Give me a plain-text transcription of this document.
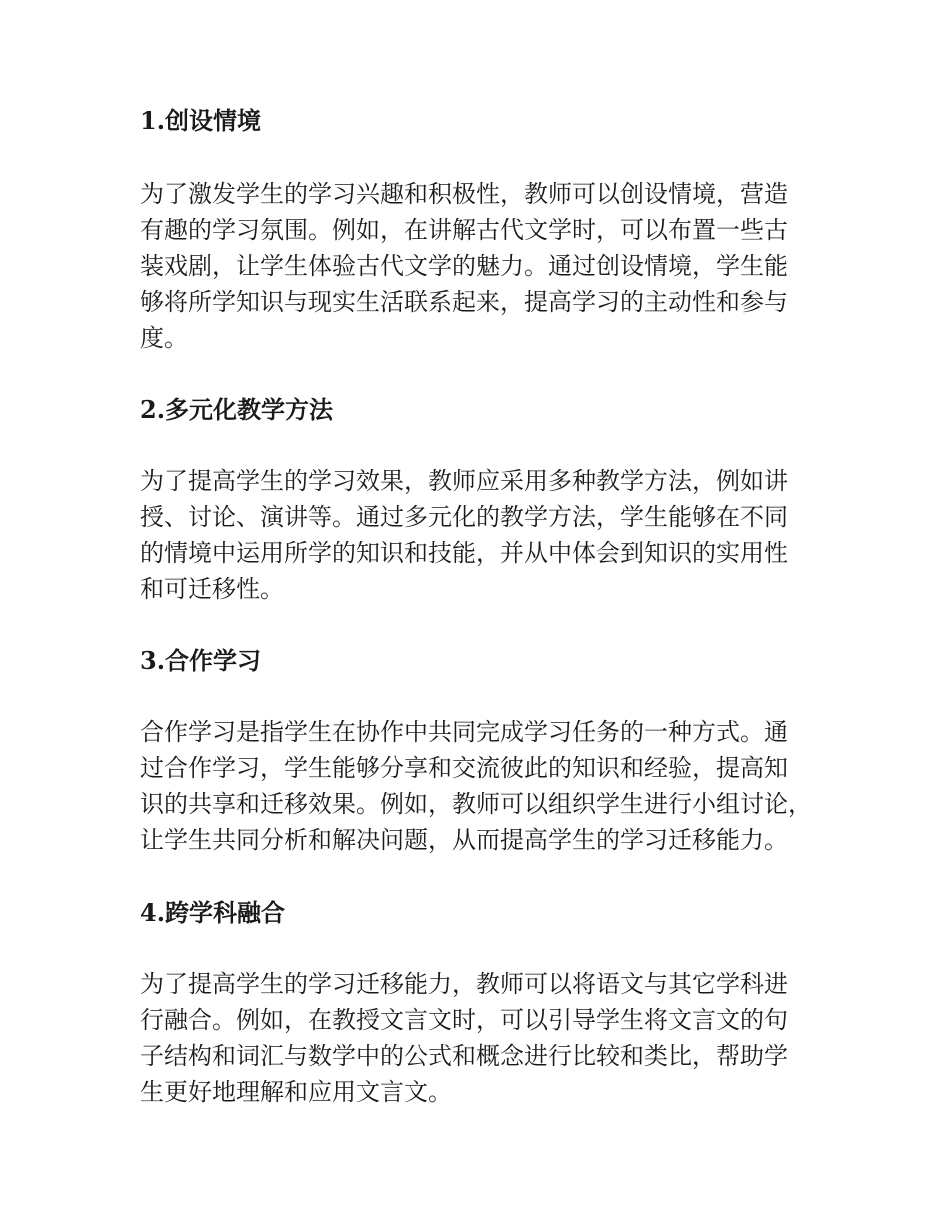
1.创设情境
为了激发学生的学习兴趣和积极性，教师可以创设情境，营造
有趣的学习氛围。例如，在讲解古代文学时，可以布置一些古
装戏剧，让学生体验古代文学的魅力。通过创设情境，学生能
够将所学知识与现实生活联系起来，提高学习的主动性和参与
度。
2.多元化教学方法
为了提高学生的学习效果，教师应采用多种教学方法，例如讲
授、讨论、演讲等。通过多元化的教学方法，学生能够在不同
的情境中运用所学的知识和技能，并从中体会到知识的实用性
和可迁移性。
3.合作学习
合作学习是指学生在协作中共同完成学习任务的一种方式。通
过合作学习，学生能够分享和交流彼此的知识和经验，提高知
识的共享和迁移效果。例如，教师可以组织学生进行小组讨论，
让学生共同分析和解决问题，从而提高学生的学习迁移能力。
4.跨学科融合
为了提高学生的学习迁移能力，教师可以将语文与其它学科进
行融合。例如，在教授文言文时，可以引导学生将文言文的句
子结构和词汇与数学中的公式和概念进行比较和类比，帮助学
生更好地理解和应用文言文。
